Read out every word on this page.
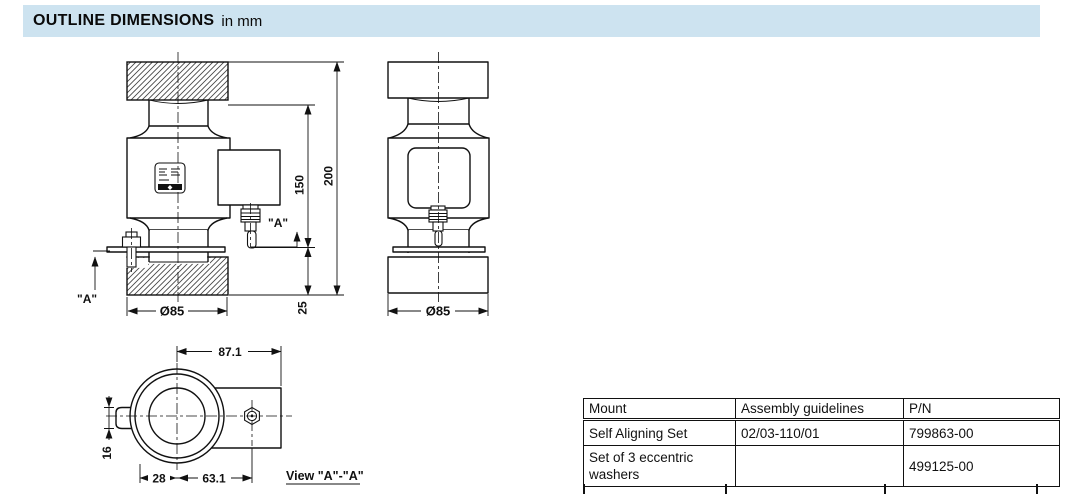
OUTLINE DIMENSIONS in mm
"A"
"A"
150 200
25
Ø85	Ø85
87.1
16
28	63.1	View "A"-"A"
Mount	Assembly guidelines	P/N
Self Aligning Set	02/03-110/01	799863-00
Set of 3 eccentric washers		499125-00
